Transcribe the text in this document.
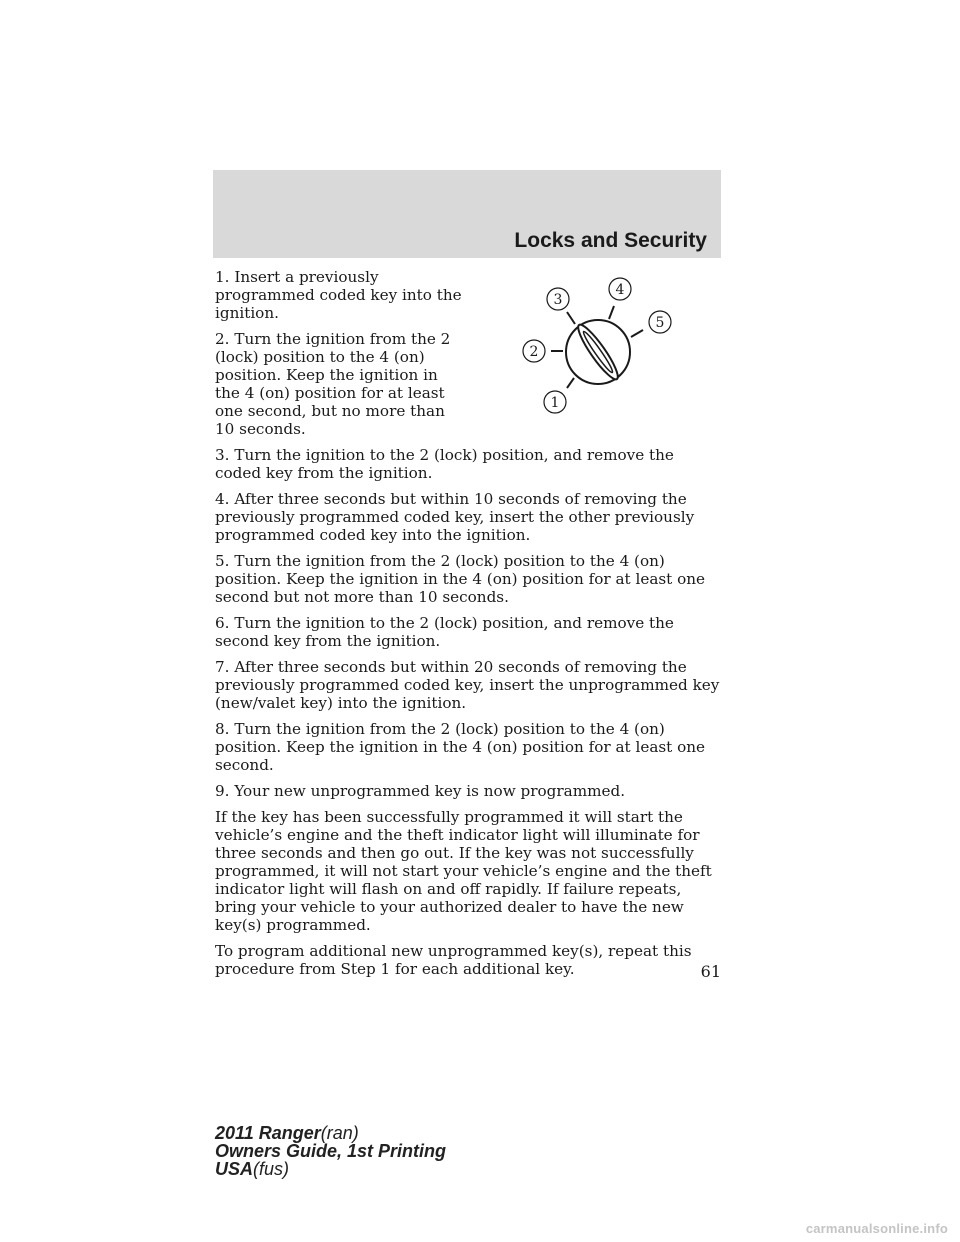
Locks and Security
1
2
3
4
5

1. Insert a previously programmed coded key into the ignition.

2. Turn the ignition from the 2 (lock) position to the 4 (on) position. Keep the ignition in the 4 (on) position for at least one second, but no more than 10 seconds.

3. Turn the ignition to the 2 (lock) position, and remove the coded key from the ignition.

4. After three seconds but within 10 seconds of removing the previously programmed coded key, insert the other previously programmed coded key into the ignition.

5. Turn the ignition from the 2 (lock) position to the 4 (on) position. Keep the ignition in the 4 (on) position for at least one second but not more than 10 seconds.

6. Turn the ignition to the 2 (lock) position, and remove the second key from the ignition.

7. After three seconds but within 20 seconds of removing the previously programmed coded key, insert the unprogrammed key (new/valet key) into the ignition.

8. Turn the ignition from the 2 (lock) position to the 4 (on) position. Keep the ignition in the 4 (on) position for at least one second.

9. Your new unprogrammed key is now programmed.

If the key has been successfully programmed it will start the vehicle’s engine and the theft indicator light will illuminate for three seconds and then go out. If the key was not successfully programmed, it will not start your vehicle’s engine and the theft indicator light will flash on and off rapidly. If failure repeats, bring your vehicle to your authorized dealer to have the new key(s) programmed.

To program additional new unprogrammed key(s), repeat this procedure from Step 1 for each additional key.	61
2011 Ranger(ran)
Owners Guide, 1st Printing
USA(fus)
carmanualsonline.info
